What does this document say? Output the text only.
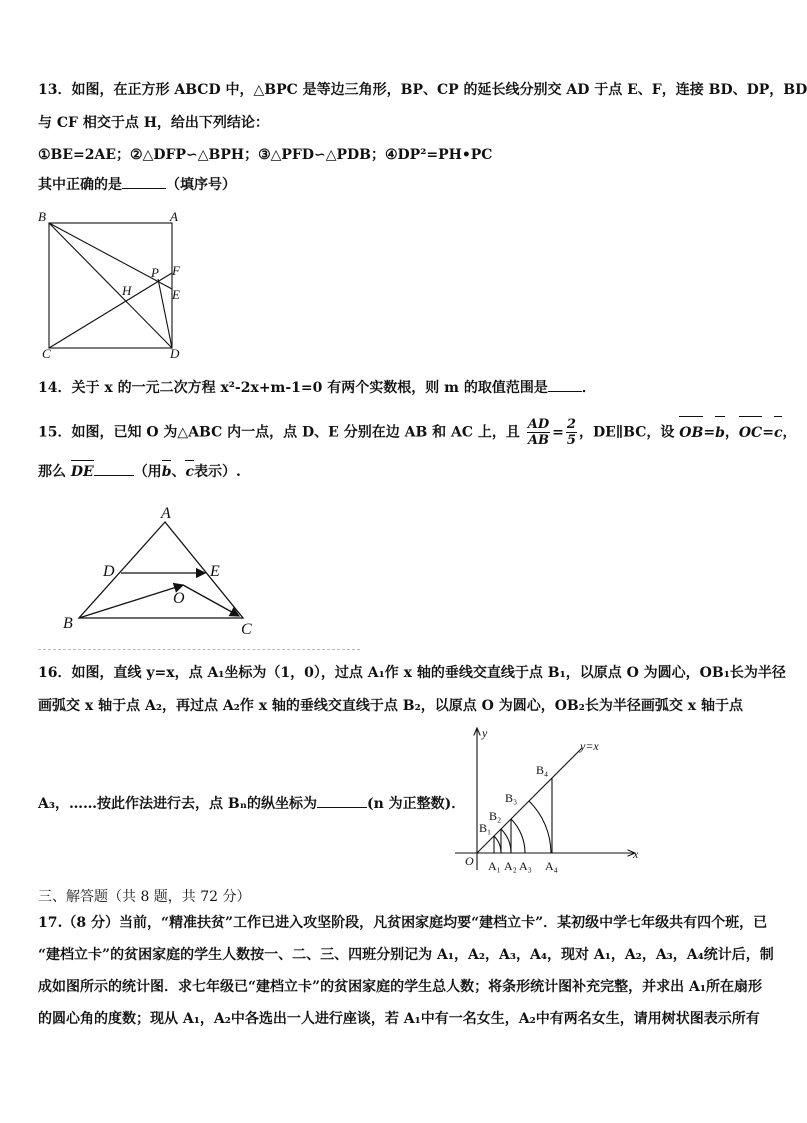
13．如图，在正方形 ABCD 中，△BPC 是等边三角形，BP、CP 的延长线分别交 AD 于点 E、F，连接 BD、DP，BD
与 CF 相交于点 H，给出下列结论：
①BE=2AE；②△DFP∽△BPH；③△PFD∽△PDB；④DP²=PH•PC
其中正确的是	（填序号）
B	A
P F
H	E
C	D
14．关于 x 的一元二次方程 x²-2x+m-1=0 有两个实数根，则 m 的取值范围是 ．
15．如图，已知 O 为△ABC 内一点，点 D、E 分别在边 AB 和 AC 上，且 $\frac{AD}{AB} = \frac{2}{5}$ ，DE∥BC，设 OB=b，OC=c，
那么 DE	（用b、c表示）.
A
D	E
O
B	C
16．如图，直线 y=x，点 A₁坐标为（1，0），过点 A₁作 x 轴的垂线交直线于点 B₁，以原点 O 为圆心，OB₁长为半径
画弧交 x 轴于点 A₂，再过点 A₂作 x 轴的垂线交直线于点 B₂，以原点 O 为圆心，OB₂长为半径画弧交 x 轴于点
A₃，……按此作法进行去，点 Bₙ的纵坐标为	(n 为正整数)．
y
y=x
x
O
B₁
B₂
B₃
B₄
A₁ A₂ A₃ A₄
三、解答题（共 8 题，共 72 分）
17.（8 分）当前，“精准扶贫”工作已进入攻坚阶段，凡贫困家庭均要“建档立卡”．某初级中学七年级共有四个班，已
“建档立卡”的贫困家庭的学生人数按一、二、三、四班分别记为 A₁，A₂，A₃，A₄，现对 A₁，A₂，A₃，A₄统计后，制
成如图所示的统计图．求七年级已“建档立卡”的贫困家庭的学生总人数；将条形统计图补充完整，并求出 A₁所在扇形
的圆心角的度数；现从 A₁，A₂中各选出一人进行座谈，若 A₁中有一名女生，A₂中有两名女生，请用树状图表示所有
